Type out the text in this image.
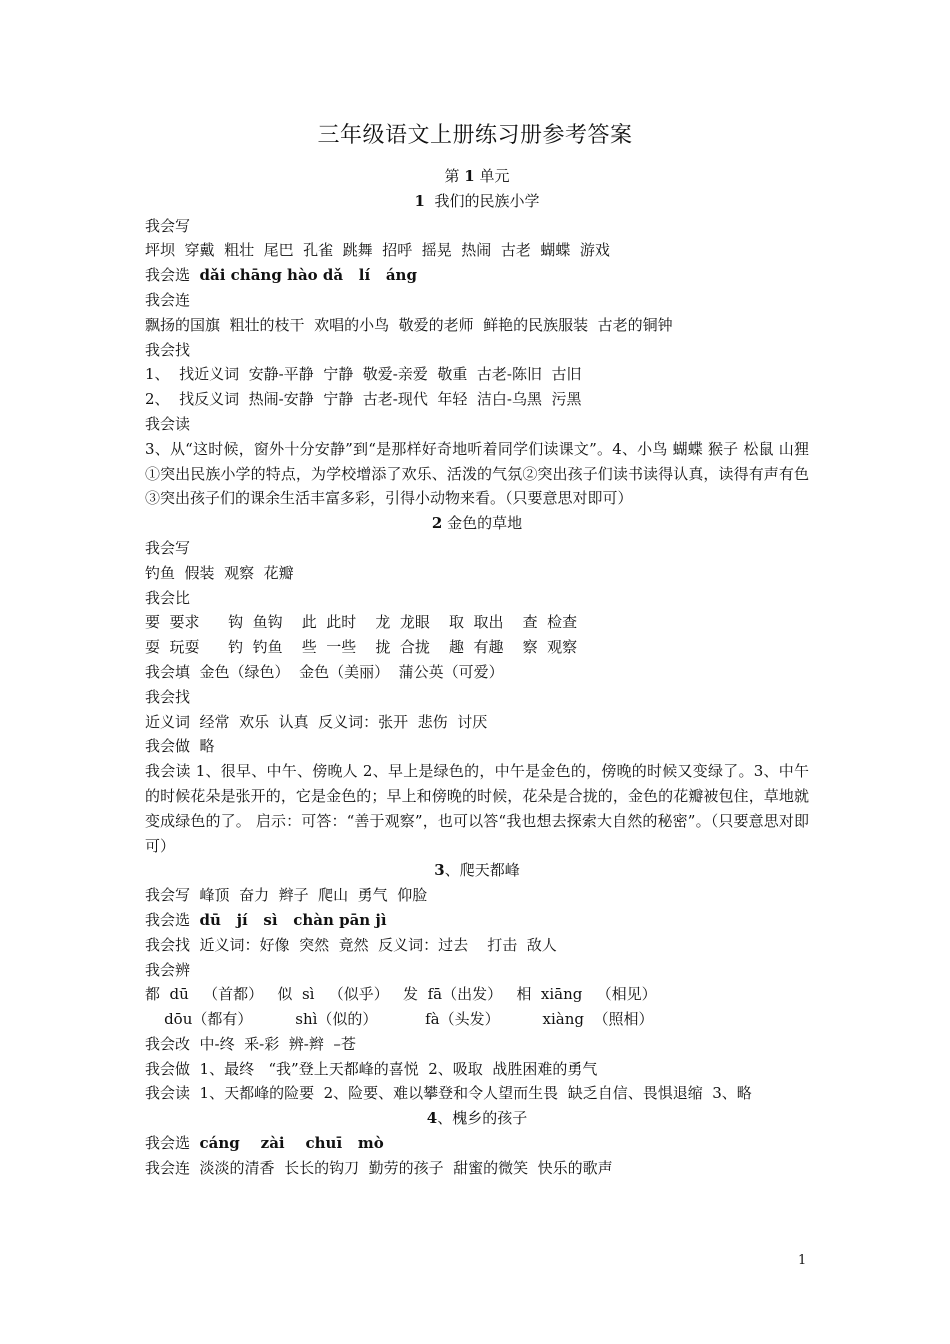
三年级语文上册练习册参考答案
第 1 单元
1  我们的民族小学
我会写
坪坝  穿戴  粗壮  尾巴  孔雀  跳舞  招呼  摇晃  热闹  古老  蝴蝶  游戏
我会选  dǎi chāng hào dǎ   lí   áng
我会连
飘扬的国旗  粗壮的枝干  欢唱的小鸟  敬爱的老师  鲜艳的民族服装  古老的铜钟
我会找
1、  找近义词  安静-平静  宁静  敬爱-亲爱  敬重  古老-陈旧  古旧
2、  找反义词  热闹-安静  宁静  古老-现代  年轻  洁白-乌黑  污黑
我会读
3、从“这时候，窗外十分安静”到“是那样好奇地听着同学们读课文”。4、小鸟 蝴蝶 猴子 松鼠 山狸 ①突出民族小学的特点，为学校增添了欢乐、活泼的气氛②突出孩子们读书读得认真，读得有声有色③突出孩子们的课余生活丰富多彩，引得小动物来看。（只要意思对即可）
2 金色的草地
我会写
钓鱼  假装  观察  花瓣
我会比
要  要求      钩  鱼钩    此  此时    龙  龙眼    取  取出    查  检查
耍  玩耍      钓  钓鱼    些  一些    拢  合拢    趣  有趣    察  观察
我会填  金色（绿色）  金色（美丽）  蒲公英（可爱）
我会找
近义词  经常  欢乐  认真  反义词：张开  悲伤  讨厌
我会做  略
我会读 1、很早、中午、傍晚人 2、早上是绿色的，中午是金色的，傍晚的时候又变绿了。3、中午的时候花朵是张开的，它是金色的；早上和傍晚的时候，花朵是合拢的，金色的花瓣被包住，草地就变成绿色的了。 启示：可答：“善于观察”，也可以答“我也想去探索大自然的秘密”。（只要意思对即可）
3、爬天都峰
我会写  峰顶  奋力  辫子  爬山  勇气  仰脸
我会选  dū   jí   sì   chàn pān jì
我会找  近义词：好像  突然  竟然  反义词：过去    打击  敌人
我会辨
都  dū   （首都）   似  sì   （似乎）   发  fā（出发）   相  xiāng   （相见）
dōu（都有）         shì（似的）          fà（头发）         xiàng  （照相）
我会改  中-终  釆-彩  辨-辫  –苍
我会做  1、最终   “我”登上天都峰的喜悦  2、吸取  战胜困难的勇气
我会读  1、天都峰的险要  2、险要、难以攀登和令人望而生畏  缺乏自信、畏惧退缩  3、略
4、槐乡的孩子
我会选  cáng    zài    chuī   mò
我会连  淡淡的清香  长长的钩刀  勤劳的孩子  甜蜜的微笑  快乐的歌声
1
